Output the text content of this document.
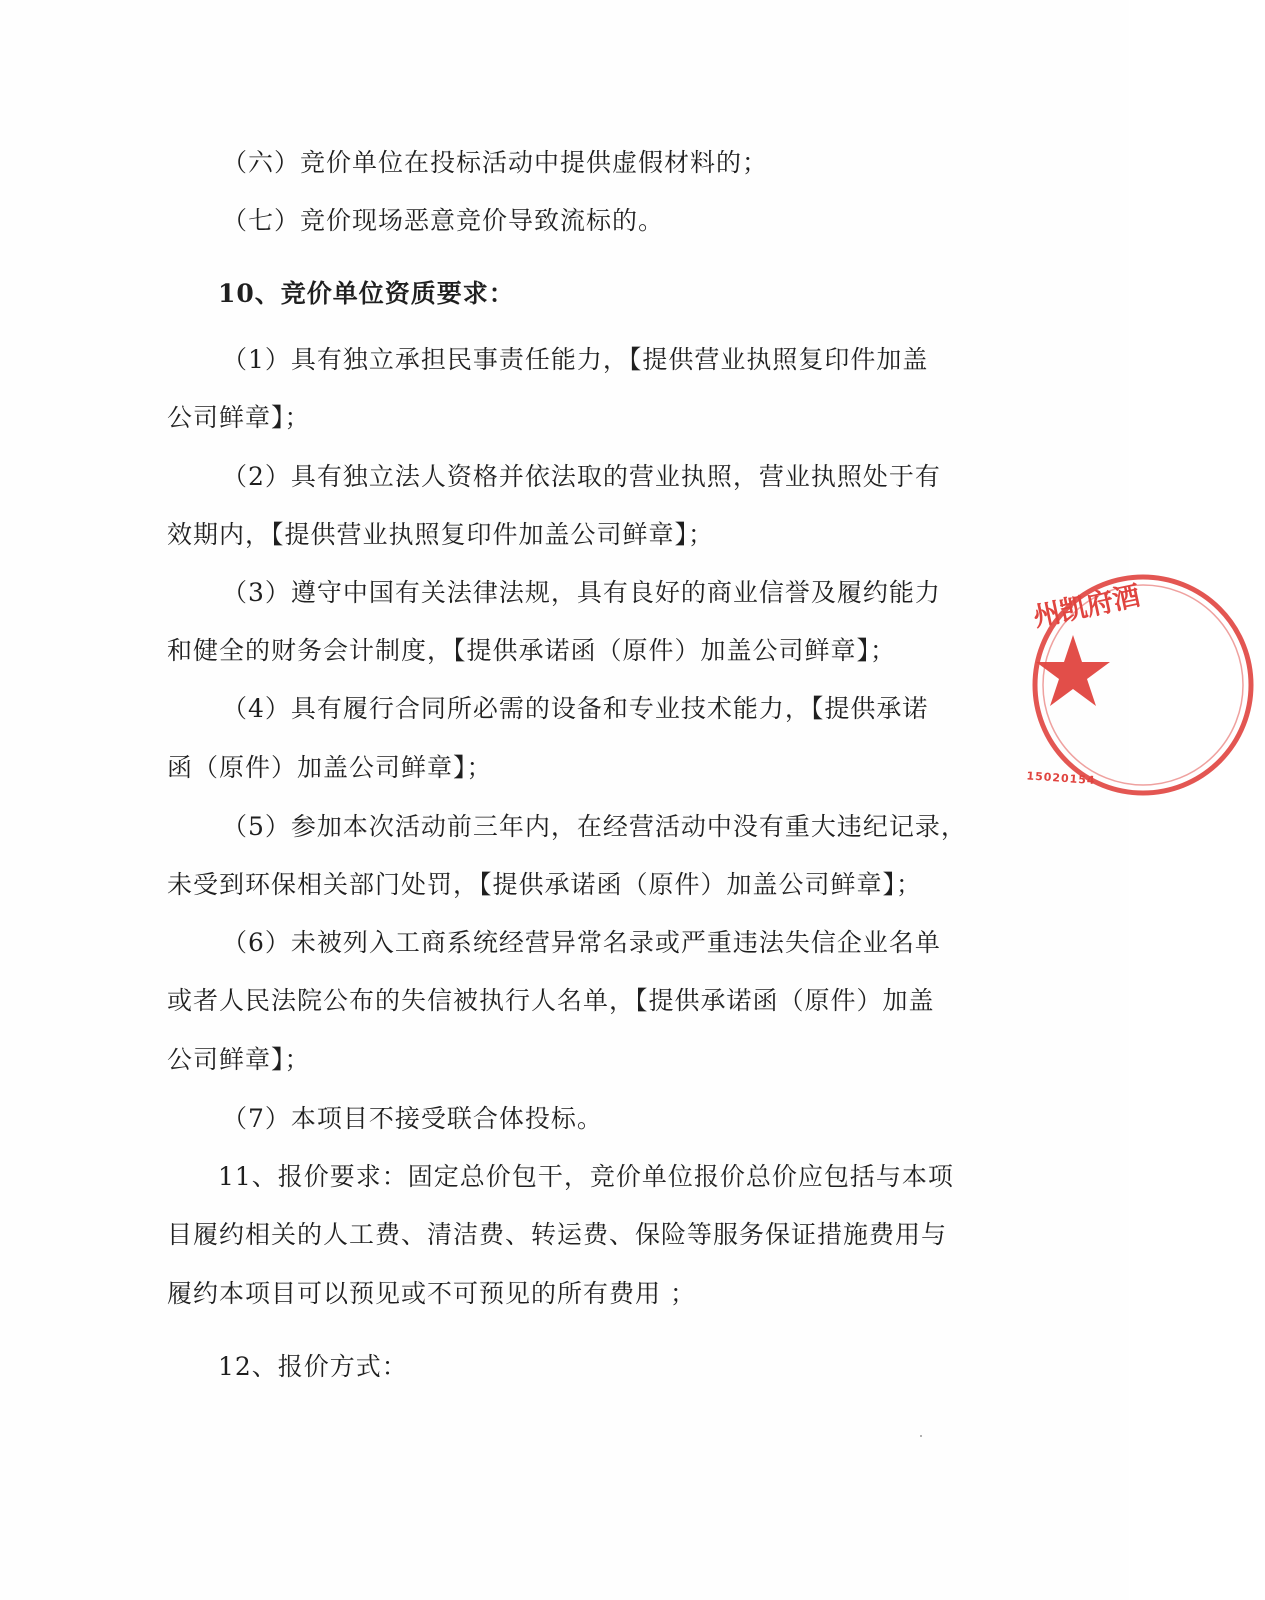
（六）竞价单位在投标活动中提供虚假材料的；
（七）竞价现场恶意竞价导致流标的。
10、竞价单位资质要求：
（1）具有独立承担民事责任能力，【提供营业执照复印件加盖
公司鲜章】；
（2）具有独立法人资格并依法取的营业执照，营业执照处于有
效期内，【提供营业执照复印件加盖公司鲜章】；
（3）遵守中国有关法律法规，具有良好的商业信誉及履约能力
和健全的财务会计制度，【提供承诺函（原件）加盖公司鲜章】；
（4）具有履行合同所必需的设备和专业技术能力，【提供承诺
函（原件）加盖公司鲜章】；
（5）参加本次活动前三年内，在经营活动中没有重大违纪记录，
未受到环保相关部门处罚，【提供承诺函（原件）加盖公司鲜章】；
（6）未被列入工商系统经营异常名录或严重违法失信企业名单
或者人民法院公布的失信被执行人名单，【提供承诺函（原件）加盖
公司鲜章】；
（7）本项目不接受联合体投标。
11、报价要求：固定总价包干，竞价单位报价总价应包括与本项
目履约相关的人工费、清洁费、转运费、保险等服务保证措施费用与
履约本项目可以预见或不可预见的所有费用 ；
12、报价方式：
州凯府酒
15020154
